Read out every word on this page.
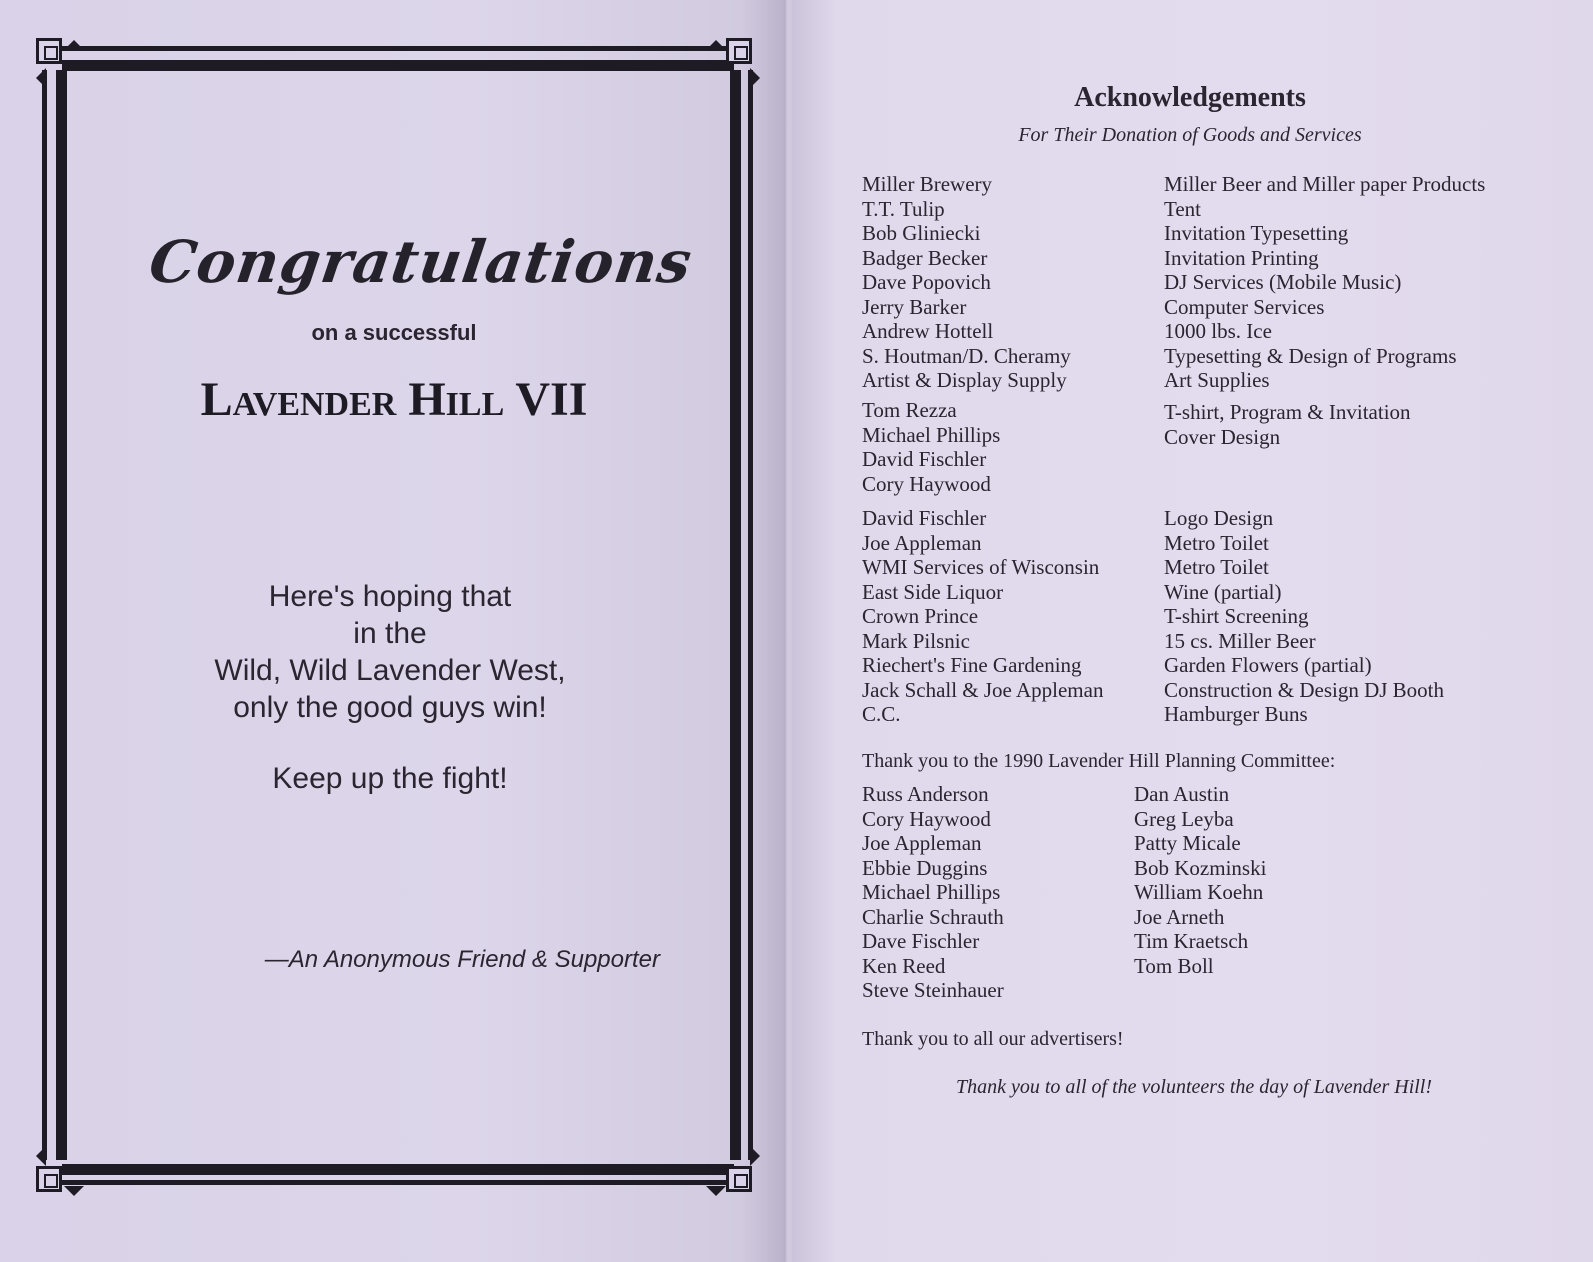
Congratulations
on a successful
Lavender Hill VII
Here's hoping that
in the
Wild, Wild Lavender West,
only the good guys win!
Keep up the fight!
—An Anonymous Friend & Supporter
Acknowledgements
For Their Donation of Goods and Services
Miller Brewery
T.T. Tulip
Bob Gliniecki
Badger Becker
Dave Popovich
Jerry Barker
Andrew Hottell
S. Houtman/D. Cheramy
Artist & Display Supply
Miller Beer and Miller paper Products
Tent
Invitation Typesetting
Invitation Printing
DJ Services (Mobile Music)
Computer Services
1000 lbs. Ice
Typesetting & Design of Programs
Art Supplies
Tom Rezza
Michael Phillips
David Fischler
Cory Haywood
T-shirt, Program & Invitation
Cover Design
David Fischler
Joe Appleman
WMI Services of Wisconsin
East Side Liquor
Crown Prince
Mark Pilsnic
Riechert's Fine Gardening
Jack Schall & Joe Appleman
C.C.
Logo Design
Metro Toilet
Metro Toilet
Wine (partial)
T-shirt Screening
15 cs. Miller Beer
Garden Flowers (partial)
Construction & Design DJ Booth
Hamburger Buns
Thank you to the 1990 Lavender Hill Planning Committee:
Russ Anderson
Cory Haywood
Joe Appleman
Ebbie Duggins
Michael Phillips
Charlie Schrauth
Dave Fischler
Ken Reed
Steve Steinhauer
Dan Austin
Greg Leyba
Patty Micale
Bob Kozminski
William Koehn
Joe Arneth
Tim Kraetsch
Tom Boll
Thank you to all our advertisers!
Thank you to all of the volunteers the day of Lavender Hill!
